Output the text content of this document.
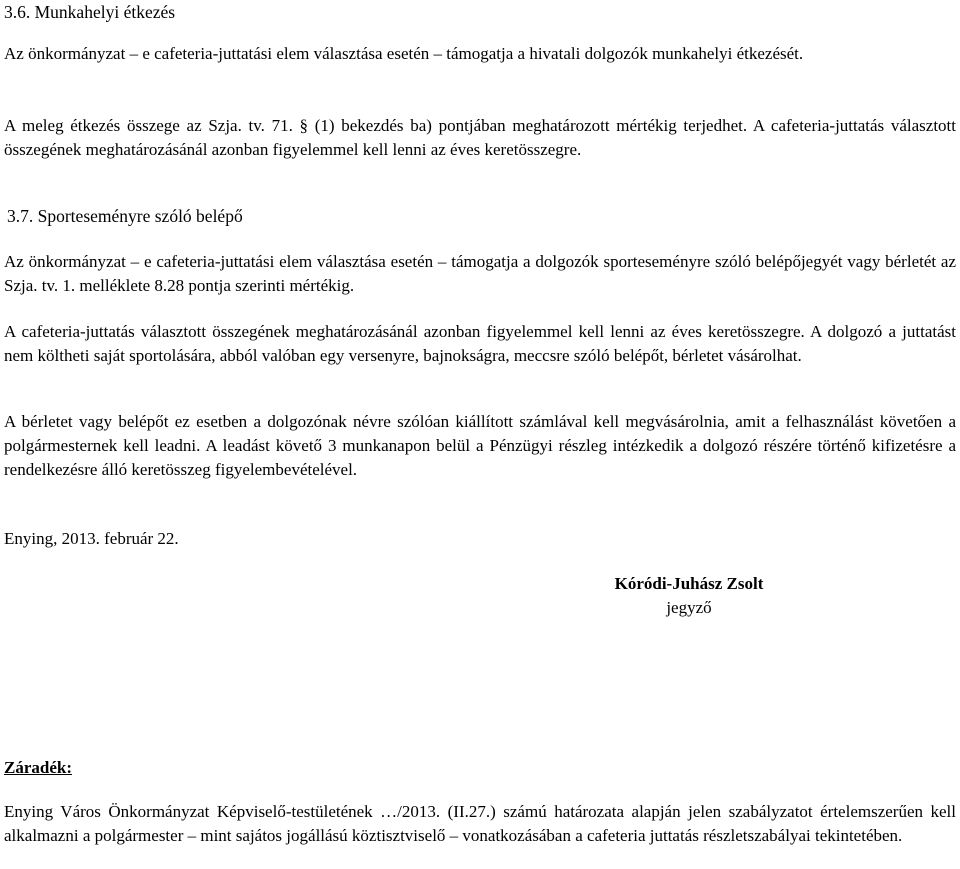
3.6. Munkahelyi étkezés

Az önkormányzat – e cafeteria-juttatási elem választása esetén – támogatja a hivatali dolgozók munkahelyi étkezését.

A meleg étkezés összege az Szja. tv. 71. § (1) bekezdés ba) pontjában meghatározott mértékig terjedhet. A cafeteria-juttatás választott összegének meghatározásánál azonban figyelemmel kell lenni az éves keretösszegre.

3.7. Sporteseményre szóló belépő

Az önkormányzat – e cafeteria-juttatási elem választása esetén – támogatja a dolgozók sporteseményre szóló belépőjegyét vagy bérletét az Szja. tv. 1. melléklete 8.28 pontja szerinti mértékig.

A cafeteria-juttatás választott összegének meghatározásánál azonban figyelemmel kell lenni az éves keretösszegre. A dolgozó a juttatást nem költheti saját sportolására, abból valóban egy versenyre, bajnokságra, meccsre szóló belépőt, bérletet vásárolhat.

A bérletet vagy belépőt ez esetben a dolgozónak névre szólóan kiállított számlával kell megvásárolnia, amit a felhasználást követően a polgármesternek kell leadni. A leadást követő 3 munkanapon belül a Pénzügyi részleg intézkedik a dolgozó részére történő kifizetésre a rendelkezésre álló keretösszeg figyelembevételével.

Enying, 2013. február 22.

Kóródi-Juhász Zsolt
jegyző

Záradék:

Enying Város Önkormányzat Képviselő-testületének …/2013. (II.27.) számú határozata alapján jelen szabályzatot értelemszerűen kell alkalmazni a polgármester – mint sajátos jogállású köztisztviselő – vonatkozásában a cafeteria juttatás részletszabályai tekintetében.
